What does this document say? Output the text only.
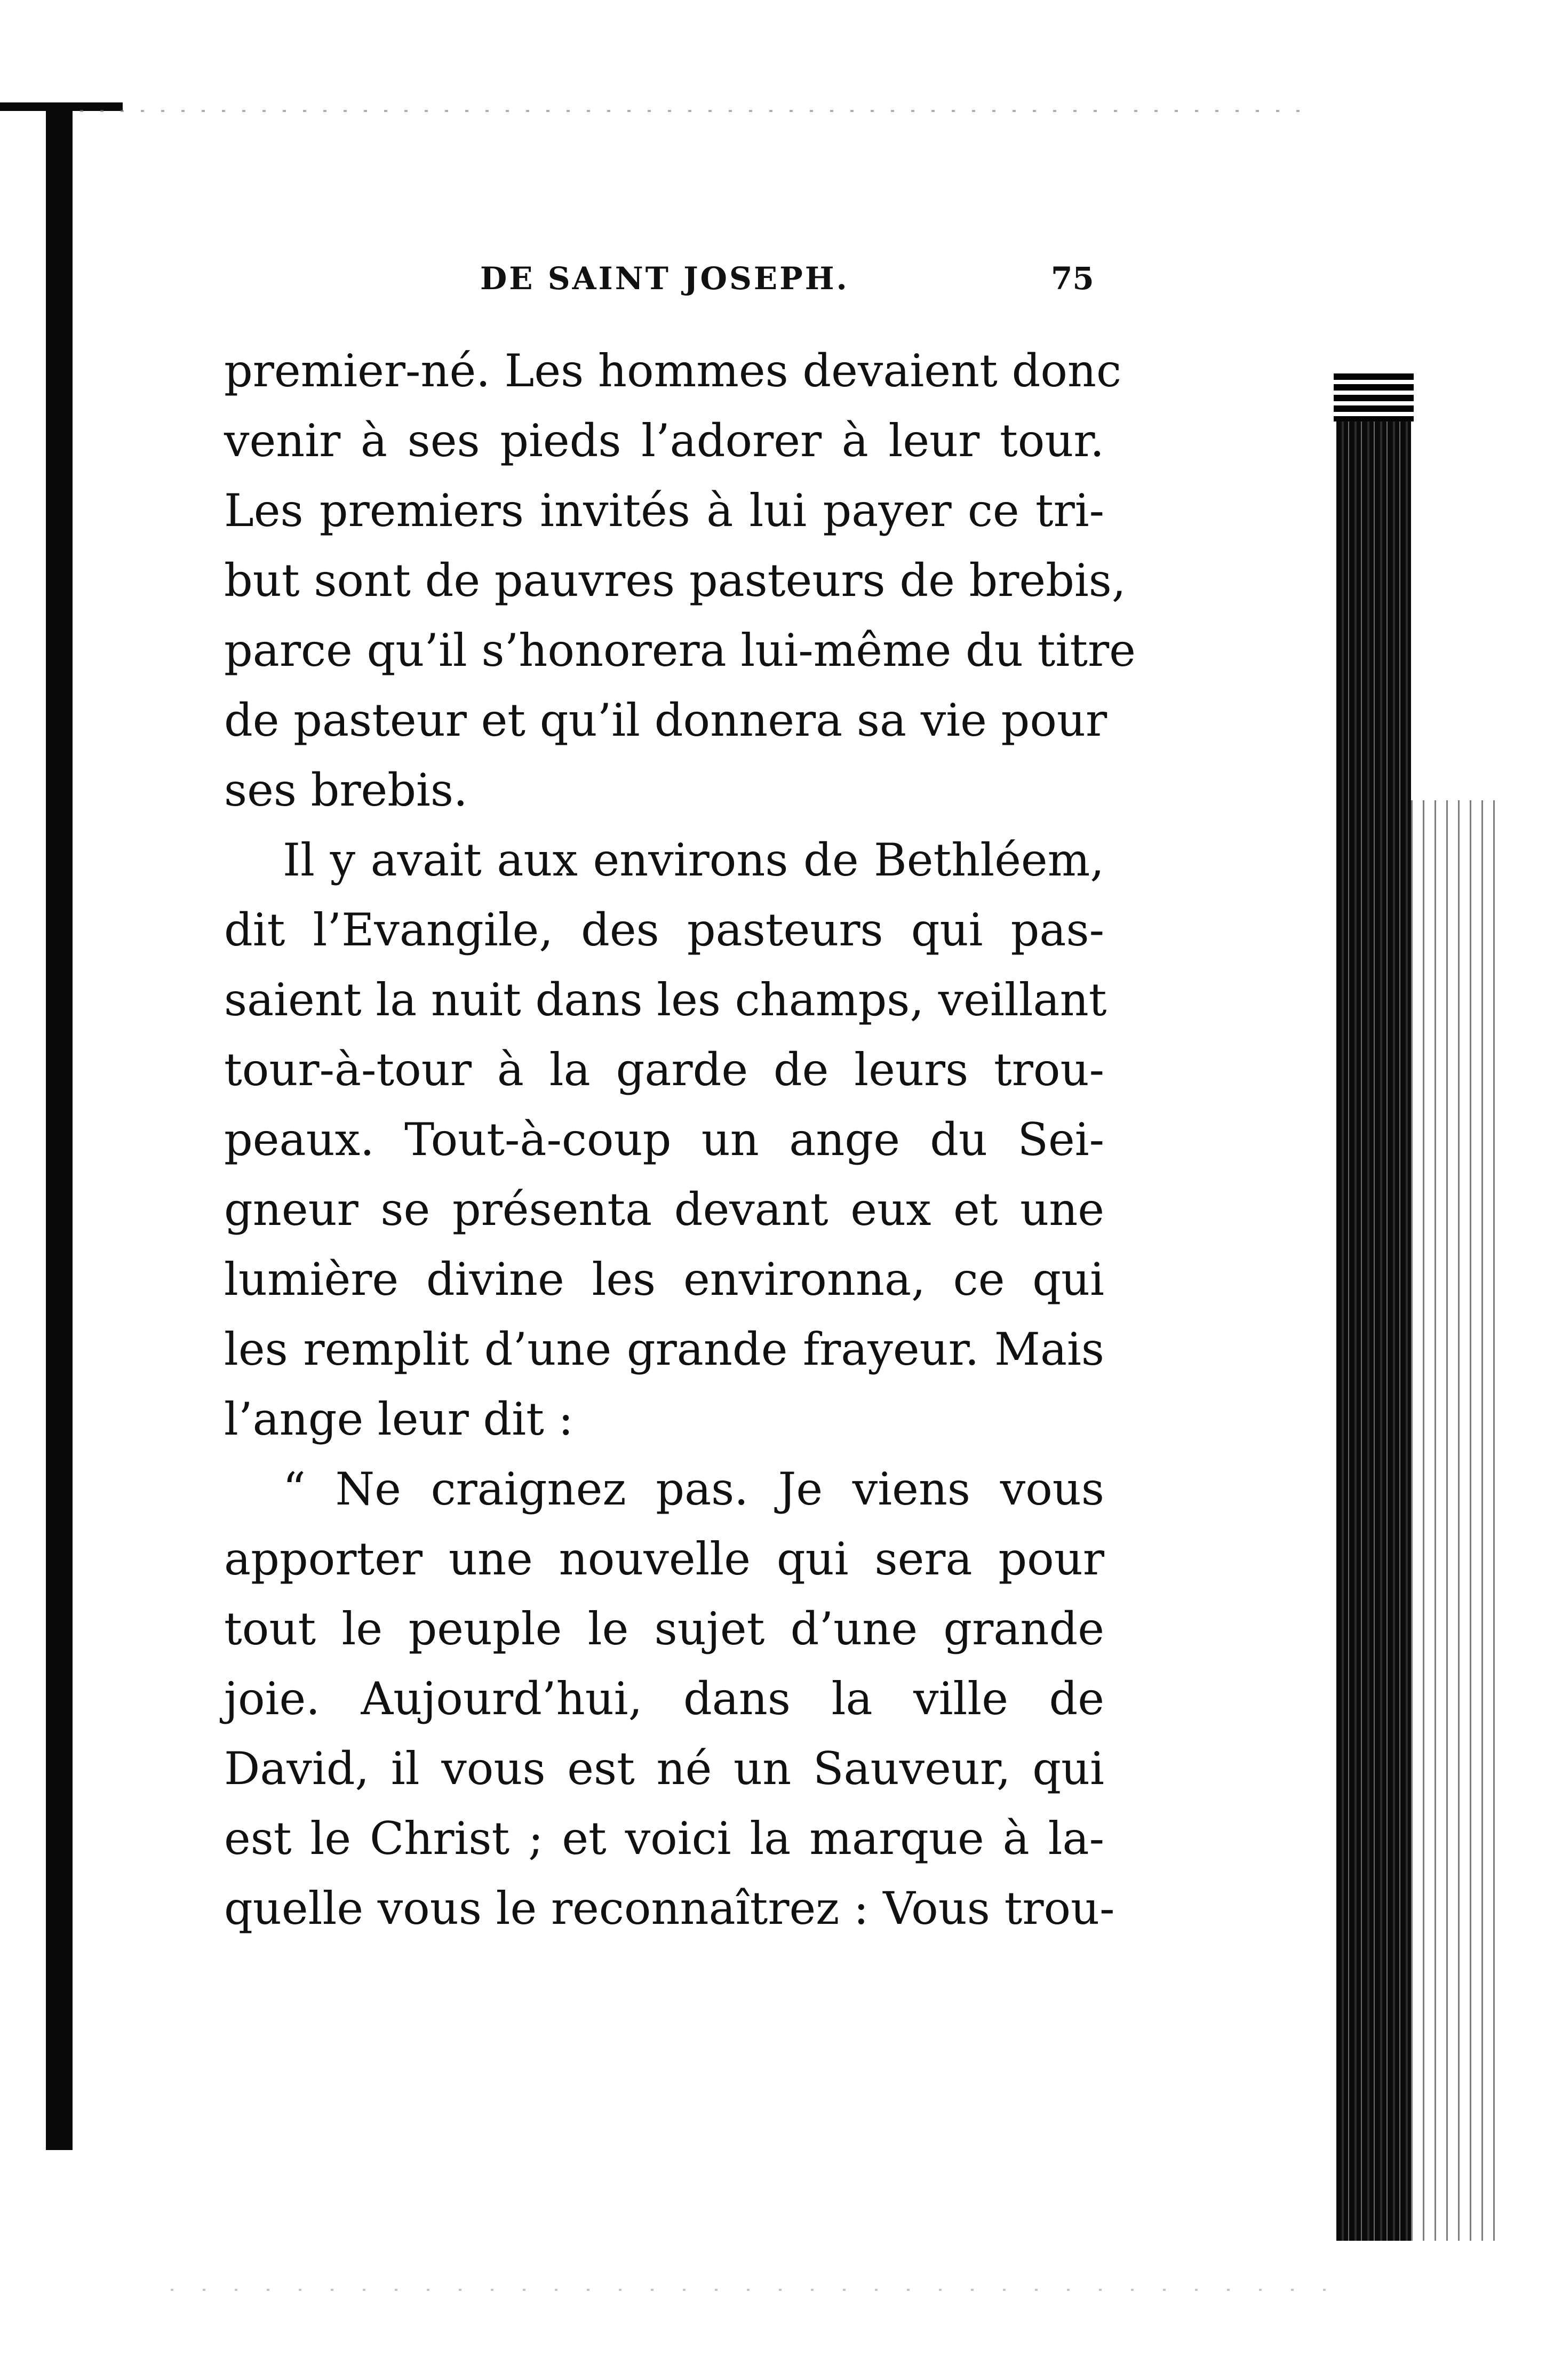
DE SAINT JOSEPH.	75
premier-né. Les hommes devaient donc
venir à ses pieds l’adorer à leur tour.
Les premiers invités à lui payer ce tri-
but sont de pauvres pasteurs de brebis,
parce qu’il s’honorera lui-même du titre
de pasteur et qu’il donnera sa vie pour
ses brebis.
Il y avait aux environs de Bethléem,
dit l’Evangile, des pasteurs qui pas-
saient la nuit dans les champs, veillant
tour-à-tour à la garde de leurs trou-
peaux. Tout-à-coup un ange du Sei-
gneur se présenta devant eux et une
lumière divine les environna, ce qui
les remplit d’une grande frayeur. Mais
l’ange leur dit :
“ Ne craignez pas. Je viens vous
apporter une nouvelle qui sera pour
tout le peuple le sujet d’une grande
joie. Aujourd’hui, dans la ville de
David, il vous est né un Sauveur, qui
est le Christ ; et voici la marque à la-
quelle vous le reconnaîtrez : Vous trou-
